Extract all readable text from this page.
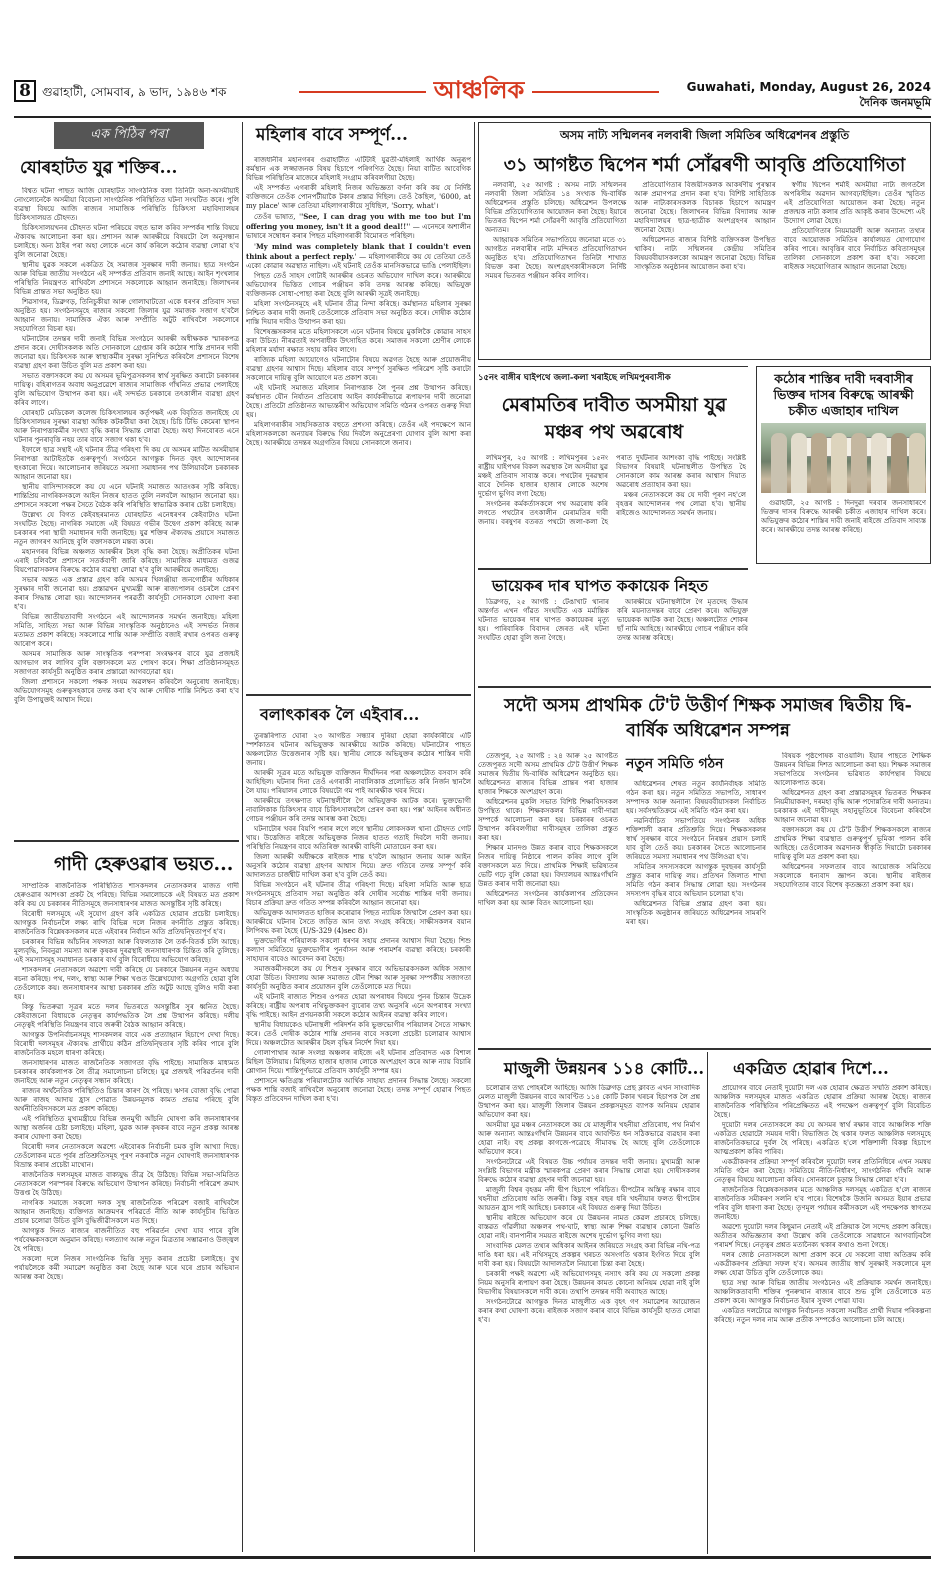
8 গুৱাহাটী, সোমবাৰ, ৯ ভাদ, ১৯৪৬ শক	আঞ্চলিক	Guwahati, Monday, August 26, 2024
দৈনিক জনমভূমি
এক পিঠিৰ পৰা
যোৰহাটত যুৱ শক্তিৰ...

বিশ্বত ঘটনা পাছত আজি যোৰহাটত সাংগঠনিক বলা তিনিটা অনা-অসমীয়াই নোংলোনেকৈ অসমীয়া বিবেচনা সাংগঠনিক পৰিস্থিতিত ঘটনা সংঘটিত কৰে। পুলি ব্যৱস্থা বিষয়ে আজি ৰাজ্যৰ সামাজিক পৰিস্থিতি চিকিৎসা মহাবিদ্যালয়ৰ চিকিৎসালয়ত চৌহদত।

চিকিৎসালয়খনৰ চৌহদত ঘটনা পৰিচয়ে বহুত ভাল কৰিব সম্পৰ্কৰ শান্তি বিষয়ে ঐক্যবদ্ধ আলোচনা কৰা হয়। প্ৰশাসন আৰু আৰক্ষীয়ে বিষয়টো লৈ অনুসন্ধান চলাইছে। অন্য ঠাইৰ পৰা অহা লোকে এনে কাৰ্য কৰিলে কঠোৰ ব্যৱস্থা লোৱা হ'ব বুলি জনোৱা হৈছে।

স্থানীয় যুৱক সকলে একত্ৰিত হৈ সমাজৰ সুৰক্ষাৰ দাবী জনায়। ছাত্ৰ সংগঠন আৰু বিভিন্ন জাতীয় সংগঠনে এই সম্পৰ্কত প্ৰতিবাদ জনাই আছে। আইন শৃংখলাৰ পৰিস্থিতি নিয়ন্ত্ৰণত ৰাখিবলৈ প্ৰশাসনে সকলোকে আহ্বান জনাইছে। জিলাখনৰ বিভিন্ন প্ৰান্তত সভা অনুষ্ঠিত হয়।

শিৱসাগৰ, ডিব্ৰুগড়, তিনিচুকীয়া আৰু গোলাঘাটতো একে ধৰণৰ প্ৰতিবাদ সভা অনুষ্ঠিত হয়। সংগঠনসমূহে ৰাজ্যৰ সকলো জিলাৰ যুৱ সমাজক সজাগ হ'বলৈ আহ্বান জনায়। সামাজিক ঐক্য আৰু সম্প্ৰীতি অটুট ৰাখিবলৈ সকলোৰে সহযোগিতা বিচৰা হয়।

ঘটনাটোৰ তদন্তৰ দাবী জনাই বিভিন্ন সংগঠনে আৰক্ষী অধীক্ষকক স্মাৰকপত্ৰ প্ৰদান কৰে। দোষীসকলক অতি সোনকালে গ্ৰেপ্তাৰ কৰি কঠোৰ শাস্তি প্ৰদানৰ দাবী জনোৱা হয়। চিকিৎসক আৰু স্বাস্থ্যকৰ্মীৰ সুৰক্ষা সুনিশ্চিত কৰিবলৈ প্ৰশাসনে বিশেষ ব্যৱস্থা গ্ৰহণ কৰা উচিত বুলি মত প্ৰকাশ কৰা হয়।

সভাত বক্তাসকলে কয় যে অসমৰ ভূমিপুত্ৰসকলৰ স্বাৰ্থ সুৰক্ষিত কৰাটো চৰকাৰৰ দায়িত্ব। বহিৰাগতৰ অবাধ অনুপ্ৰৱেশে ৰাজ্যৰ সামাজিক গাঁথনিত প্ৰভাৱ পেলাইছে বুলি অভিযোগ উত্থাপন কৰা হয়। এই সন্দৰ্ভত চৰকাৰে তৎকালীন ব্যৱস্থা গ্ৰহণ কৰিব লাগে।

যোৰহাট মেডিকেল কলেজ চিকিৎসালয়ৰ কৰ্তৃপক্ষই এক বিবৃতিত জনাইছে যে চিকিৎসালয়ৰ সুৰক্ষা ব্যৱস্থা অধিক কটকটীয়া কৰা হৈছে। চিচি টিভি কেমেৰা স্থাপন আৰু নিৰাপত্তাকৰ্মীৰ সংখ্যা বৃদ্ধি কৰাৰ সিদ্ধান্ত লোৱা হৈছে। অহা দিনবোৰত এনে ঘটনাৰ পুনৰাবৃত্তি নহয় তাৰ বাবে সজাগ থকা হ'ব।

ইফালে ছাত্ৰ সন্থাই এই ঘটনাৰ তীব্ৰ গৰিহণা দি কয় যে অসমৰ মাটিত অসমীয়াৰ নিৰাপত্তা আটাইতকৈ গুৰুত্বপূৰ্ণ। সংগঠনে আগন্তুক দিনত বৃহৎ আন্দোলনৰ হুংকাৰো দিয়ে। আলোচনাৰ জৰিয়তে সমস্যা সমাধানৰ পথ উলিয়াবলৈ চৰকাৰক আহ্বান জনোৱা হয়।

স্থানীয় বাসিন্দাসকলে কয় যে এনে ঘটনাই সমাজত আতংকৰ সৃষ্টি কৰিছে। শান্তিপ্ৰিয় নাগৰিকসকলে আইন নিজৰ হাতত তুলি নলবলৈ আহ্বান জনোৱা হয়। প্ৰশাসনে সকলো পক্ষৰ সৈতে বৈঠক কৰি পৰিস্থিতি স্বাভাৱিক কৰাৰ চেষ্টা চলাইছে।

উল্লেখ্য যে বিগত কেইবছৰমানত যোৰহাটত এনেধৰণৰ কেইবাটাও ঘটনা সংঘটিত হৈছে। নাগৰিক সমাজে এই বিষয়ত গভীৰ উদ্বেগ প্ৰকাশ কৰিছে আৰু চৰকাৰৰ পৰা স্থায়ী সমাধানৰ দাবী জনাইছে। যুৱ শক্তিৰ ঐক্যবদ্ধ প্ৰয়াসে সমাজত নতুন জাগৰণ আনিছে বুলি বক্তাসকলে মন্তব্য কৰে।

মহানগৰৰ বিভিন্ন অঞ্চলত আৰক্ষীৰ টহল বৃদ্ধি কৰা হৈছে। অপ্ৰীতিকৰ ঘটনা এৰাই চলিবলৈ প্ৰশাসনে সতৰ্কবাণী জাৰি কৰিছে। সামাজিক মাধ্যমত গুজৱ বিয়পোৱাসকলৰ বিৰুদ্ধে কঠোৰ ব্যৱস্থা লোৱা হ'ব বুলি আৰক্ষীয়ে জনাইছে।

সভাৰ অন্তত এক প্ৰস্তাৱ গ্ৰহণ কৰি অসমৰ খিলঞ্জীয়া জনগোষ্ঠীৰ অধিকাৰ সুৰক্ষাৰ দাবী জনোৱা হয়। প্ৰস্তাৱখন মুখ্যমন্ত্ৰী আৰু ৰাজ্যপালৰ ওচৰলৈ প্ৰেৰণ কৰাৰ সিদ্ধান্ত লোৱা হয়। আন্দোলনৰ পৰৱৰ্তী কাৰ্যসূচী সোনকালে ঘোষণা কৰা হ'ব।

বিভিন্ন জাতীয়তাবাদী সংগঠনে এই আন্দোলনক সমৰ্থন জনাইছে। মহিলা সমিতি, সাহিত্য সভা আৰু বিভিন্ন সাংস্কৃতিক অনুষ্ঠানেও এই সন্দৰ্ভত নিজৰ মতামত প্ৰকাশ কৰিছে। সকলোৱে শান্তি আৰু সম্প্ৰীতি বজাই ৰখাৰ ওপৰত গুৰুত্ব আৰোপ কৰে।

অসমৰ সামাজিক আৰু সাংস্কৃতিক পৰম্পৰা সংৰক্ষণৰ বাবে যুৱ প্ৰজন্মই আগভাগ লব লাগিব বুলি বক্তাসকলে মত পোষণ কৰে। শিক্ষা প্ৰতিষ্ঠানসমূহত সজাগতা কাৰ্যসূচী অনুষ্ঠিত কৰাৰ প্ৰস্তাৱো আগবঢ়োৱা হয়।

জিলা প্ৰশাসনে সকলো পক্ষক সংযম অৱলম্বন কৰিবলৈ অনুৰোধ জনাইছে। অভিযোগসমূহ গুৰুত্বসহকাৰে তদন্ত কৰা হ'ব আৰু দোষীক শাস্তি নিশ্চিত কৰা হ'ব বুলি উপায়ুক্তই আশ্বাস দিয়ে।

গাদী হেৰুওৱাৰ ভয়ত...

সাম্প্ৰতিক ৰাজনৈতিক পৰিস্থিতিত শাসকদলৰ নেতাসকলৰ মাজত গাদী হেৰুওৱাৰ আশংকা প্ৰকট হৈ পৰিছে। বিভিন্ন সমালোচকে এই বিষয়ত মত প্ৰকাশ কৰি কয় যে চৰকাৰৰ নীতিসমূহে জনসাধাৰণৰ মাজত অসন্তুষ্টিৰ সৃষ্টি কৰিছে।

বিৰোধী দলসমূহে এই সুযোগ গ্ৰহণ কৰি একত্ৰিত হোৱাৰ প্ৰচেষ্টা চলাইছে। আগন্তুক নিৰ্বাচনলৈ লক্ষ্য ৰাখি বিভিন্ন দলে নিজৰ ৰণনীতি প্ৰস্তুত কৰিছে। ৰাজনৈতিক বিশ্লেষকসকলৰ মতে এইবাৰৰ নিৰ্বাচন অতি প্ৰতিদ্বন্দ্বিতাপূৰ্ণ হ'ব।

চৰকাৰৰ বিভিন্ন আঁচনিৰ সফলতা আৰু বিফলতাক লৈ তৰ্ক-বিতৰ্ক চলি আছে। মূল্যবৃদ্ধি, নিবনুৱা সমস্যা আৰু কৃষকৰ দুৰৱস্থাই জনসাধাৰণক চিন্তিত কৰি তুলিছে। এই সমস্যাসমূহ সমাধানত চৰকাৰ ব্যৰ্থ বুলি বিৰোধীয়ে অভিযোগ কৰিছে।

শাসকদলৰ নেতাসকলে অৱশ্যে দাবী কৰিছে যে চৰকাৰে উন্নয়নৰ নতুন অধ্যায় ৰচনা কৰিছে। পথ, দলং, স্বাস্থ্য আৰু শিক্ষা খণ্ডত উল্লেখযোগ্য অগ্ৰগতি হোৱা বুলি তেওঁলোকে কয়। জনসাধাৰণৰ আস্থা চৰকাৰৰ প্ৰতি অটুট আছে বুলিও দাবী কৰা হয়।

কিন্তু ভিতৰুৱা সূত্ৰৰ মতে দলৰ ভিতৰতে অসন্তুষ্টিৰ সুৰ ধ্বনিত হৈছে। কেইবাজনো বিধায়কে নেতৃত্বৰ কাৰ্যপদ্ধতিক লৈ প্ৰশ্ন উত্থাপন কৰিছে। দলীয় নেতৃত্বই পৰিস্থিতি নিয়ন্ত্ৰণৰ বাবে জৰুৰী বৈঠক আহ্বান কৰিছে।

আগন্তুক উপনিৰ্বাচনসমূহ শাসকদলৰ বাবে এক প্ৰত্যাহ্বান হিচাপে দেখা দিছে। বিৰোধী দলসমূহৰ ঐক্যবদ্ধ প্ৰাৰ্থীয়ে কঠিন প্ৰতিদ্বন্দ্বিতাৰ সৃষ্টি কৰিব পাৰে বুলি ৰাজনৈতিক মহলে ধাৰণা কৰিছে।

জনসাধাৰণৰ মাজত ৰাজনৈতিক সজাগতা বৃদ্ধি পাইছে। সামাজিক মাধ্যমত চৰকাৰৰ কাৰ্যকলাপক লৈ তীব্ৰ সমালোচনা চলিছে। যুৱ প্ৰজন্মই পৰিৱৰ্তনৰ দাবী জনাইছে আৰু নতুন নেতৃত্বৰ সন্ধান কৰিছে।

ৰাজ্যৰ অৰ্থনৈতিক পৰিস্থিতিও চিন্তাৰ কাৰণ হৈ পৰিছে। ঋণৰ বোজা বৃদ্ধি পোৱা আৰু ৰাজহ আদায় হ্ৰাস পোৱাত উন্নয়নমূলক কামত প্ৰভাৱ পৰিছে বুলি অৰ্থনীতিবিদসকলে মত প্ৰকাশ কৰিছে।

এই পৰিস্থিতিত মুখ্যমন্ত্ৰীয়ে বিভিন্ন জনমুখী আঁচনি ঘোষণা কৰি জনসাধাৰণৰ আস্থা অৰ্জনৰ চেষ্টা চলাইছে। মহিলা, যুৱক আৰু কৃষকৰ বাবে নতুন প্ৰকল্প আৰম্ভ কৰাৰ ঘোষণা কৰা হৈছে।

বিৰোধী দলৰ নেতাসকলে অৱশ্যে এইবোৰক নিৰ্বাচনী চমক বুলি আখ্যা দিছে। তেওঁলোকৰ মতে পূৰ্বৰ প্ৰতিশ্ৰুতিসমূহ পূৰণ নকৰাকৈ নতুন ঘোষণাই জনসাধাৰণক বিভ্ৰান্ত কৰাৰ প্ৰচেষ্টা মাথোন।

ৰাজনৈতিক দলসমূহৰ মাজত বাক্যযুদ্ধ তীব্ৰ হৈ উঠিছে। বিভিন্ন সভা-সমিতিত নেতাসকলে পৰস্পৰৰ বিৰুদ্ধে অভিযোগ উত্থাপন কৰিছে। নিৰ্বাচনী পৰিৱেশ ক্ৰমাৎ উত্তপ্ত হৈ উঠিছে।

নাগৰিক সমাজে সকলো দলক সুস্থ ৰাজনৈতিক পৰিৱেশ বজাই ৰাখিবলৈ আহ্বান জনাইছে। ব্যক্তিগত আক্ৰমণৰ পৰিৱৰ্তে নীতি আৰু কাৰ্যসূচীৰ ভিত্তিত প্ৰচাৰ চলোৱা উচিত বুলি বুদ্ধিজীৱীসকলে মত দিছে।

আগন্তুক দিনত ৰাজ্যৰ ৰাজনীতিত বহু পৰিৱৰ্তন দেখা যাব পাৰে বুলি পৰ্যবেক্ষকসকলে অনুমান কৰিছে। দলত্যাগ আৰু নতুন মিত্ৰতাৰ সম্ভাৱনাও উজ্জ্বল হৈ পৰিছে।

সকলো দলে নিজৰ সাংগঠনিক ভিত্তি সুদৃঢ় কৰাৰ প্ৰচেষ্টা চলাইছে। বুথ পৰ্যায়লৈকে কৰ্মী সমাৱেশ অনুষ্ঠিত কৰা হৈছে আৰু ঘৰে ঘৰে প্ৰচাৰ অভিযান আৰম্ভ কৰা হৈছে।

মহিলাৰ বাবে সম্পূৰ্ণ...

ৰাজধানীৰ মহানগৰৰ গুৱাহাটীত এটিটাই যুৱতী-মহিলাই আৰ্থিক অনুৰূপ কৰ্মস্থান এক লজ্জাজনক বিষয় হিচাপে পৰিগণিত হৈছে। নিয়া বাটিত আবেগিক বিভিন্ন পৰিস্থিতিৰ মাজেৰে মহিলাই সংগ্ৰাম কৰিবলগীয়া হৈছে।

এই সম্পৰ্কত এগৰাকী মহিলাই নিজৰ অভিজ্ঞতা বৰ্ণনা কৰি কয় যে নিৰ্দিষ্ট ব্যক্তিজনে তেওঁক পোনপটীয়াকৈ টকাৰ প্ৰস্তাৱ দিছিল। তেওঁ কৈছিল, '6000, at my place' আৰু তেতিয়া মহিলাগৰাকীয়ে সুধিছিল, 'Sorry, what'।

তেওঁৰ ভাষাত, ''See, I can drag you with me too but I'm offering you money, isn't it a good deal!!'' — এনেদৰে অশালীন ভাষাৰে সম্বোধন কৰাৰ পিছত মহিলাগৰাকী বিমোৰত পৰিছিল।

'My mind was completely blank that I couldn't even think about a perfect reply.' — মহিলাগৰাকীয়ে কয় যে তেতিয়া তেওঁ একো কোৱাৰ অৱস্থাত নাছিল। এই ঘটনাই তেওঁক মানসিকভাৱে ভাঙি পেলাইছিল।

পিছত তেওঁ সাহস গোটাই আৰক্ষীৰ ওচৰত অভিযোগ দাখিল কৰে। আৰক্ষীয়ে অভিযোগৰ ভিত্তিত গোচৰ পঞ্জীয়ন কৰি তদন্ত আৰম্ভ কৰিছে। অভিযুক্ত ব্যক্তিজনক সোধা-পোছা কৰা হৈছে বুলি আৰক্ষী সূত্ৰই জনাইছে।

মহিলা সংগঠনসমূহে এই ঘটনাৰ তীব্ৰ নিন্দা কৰিছে। কৰ্মস্থানত মহিলাৰ সুৰক্ষা নিশ্চিত কৰাৰ দাবী জনাই তেওঁলোকে প্ৰতিবাদ সভা অনুষ্ঠিত কৰে। দোষীক কঠোৰ শাস্তি দিয়াৰ দাবীও উত্থাপন কৰা হয়।

বিশেষজ্ঞসকলৰ মতে মহিলাসকলে এনে ঘটনাৰ বিষয়ে মুকলিকৈ কোৱাৰ সাহস কৰা উচিত। নীৰৱতাই অপৰাধীক উৎসাহিত কৰে। সমাজৰ সকলো শ্ৰেণীৰ লোকে মহিলাৰ মৰ্যাদা ৰক্ষাত সহায় কৰিব লাগে।

ৰাজ্যিক মহিলা আয়োগেও ঘটনাটোৰ বিষয়ে অৱগত হৈছে আৰু প্ৰয়োজনীয় ব্যৱস্থা গ্ৰহণৰ আশ্বাস দিছে। মহিলাৰ বাবে সম্পূৰ্ণ সুৰক্ষিত পৰিৱেশ সৃষ্টি কৰাটো সকলোৰে দায়িত্ব বুলি আয়োগে মত প্ৰকাশ কৰে।

এই ঘটনাই সমাজত মহিলাৰ নিৰাপত্তাক লৈ পুনৰ প্ৰশ্ন উত্থাপন কৰিছে। কৰ্মস্থানত যৌন নিৰ্যাতন প্ৰতিৰোধ আইন কাৰ্যকৰীভাৱে ৰূপায়ণৰ দাবী জনোৱা হৈছে। প্ৰতিটো প্ৰতিষ্ঠানত আভ্যন্তৰীণ অভিযোগ সমিতি গঠনৰ ওপৰত গুৰুত্ব দিয়া হয়।

মহিলাগৰাকীৰ সাহসিকতাক বহুতে প্ৰশংসা কৰিছে। তেওঁৰ এই পদক্ষেপে আন মহিলাসকলকো অন্যায়ৰ বিৰুদ্ধে থিয় দিবলৈ অনুপ্ৰেৰণা যোগাব বুলি আশা কৰা হৈছে। আৰক্ষীয়ে তদন্তৰ অগ্ৰগতিৰ বিষয়ে সোনকালে জনাব।

বলাৎকাৰক লৈ এইবাৰ...

তুৰস্তৰিপাত ঘোৰা ২৩ আগষ্টত সন্ধ্যাৰ দুৰিয়া হোৱা কাৰ্যকাৰীয়ে এটি স্পৰ্শকাতৰ ঘটনাৰ অভিযুক্তক আৰক্ষীয়ে আটক কৰিছে। ঘটনাটোৰ পাছত অঞ্চলটোত উত্তেজনাৰ সৃষ্টি হয়। স্থানীয় লোকে অভিযুক্তৰ কঠোৰ শাস্তিৰ দাবী জনায়।

আৰক্ষী সূত্ৰৰ মতে অভিযুক্ত ব্যক্তিজন দীৰ্ঘদিনৰ পৰা অঞ্চলটোত বসবাস কৰি আহিছিল। ঘটনাৰ দিনা তেওঁ এগৰাকী নাবালিকাক প্ৰলোভিত কৰি নিৰ্জন স্থানলৈ লৈ যায়। পৰিয়ালৰ লোকে বিষয়টো গম পাই আৰক্ষীক খবৰ দিয়ে।

আৰক্ষীয়ে তৎক্ষণাত ঘটনাস্থলীলৈ গৈ অভিযুক্তক আটক কৰে। ভুক্তভোগী নাবালিকাক চিকিৎসাৰ বাবে চিকিৎসালয়লৈ প্ৰেৰণ কৰা হয়। পক্স' আইনৰ অধীনত গোচৰ পঞ্জীয়ন কৰি তদন্ত আৰম্ভ কৰা হৈছে।

ঘটনাটোৰ খবৰ বিয়পি পৰাৰ লগে লগে স্থানীয় লোকসকল থানা চৌহদত গোট খায়। উত্তেজিত ৰাইজে অভিযুক্তক নিজৰ হাতত গতাই দিবলৈ দাবী জনায়। পৰিস্থিতি নিয়ন্ত্ৰণৰ বাবে অতিৰিক্ত আৰক্ষী বাহিনী মোতায়েন কৰা হয়।

জিলা আৰক্ষী অধীক্ষকে ৰাইজক শান্ত হ'বলৈ আহ্বান জনায় আৰু আইন অনুসৰি কঠোৰ ব্যৱস্থা গ্ৰহণৰ আশ্বাস দিয়ে। দ্ৰুত গতিৰে তদন্ত সম্পূৰ্ণ কৰি আদালতত চাৰ্জশ্বীট দাখিল কৰা হ'ব বুলি তেওঁ কয়।

বিভিন্ন সংগঠনে এই ঘটনাৰ তীব্ৰ গৰিহণা দিছে। মহিলা সমিতি আৰু ছাত্ৰ সংগঠনসমূহে প্ৰতিবাদ সভা অনুষ্ঠিত কৰি দোষীৰ সৰ্বোচ্চ শাস্তিৰ দাবী জনায়। বিচাৰ প্ৰক্ৰিয়া দ্ৰুত গতিত সম্পন্ন কৰিবলৈ আহ্বান জনোৱা হয়।

অভিযুক্তক আদালতত হাজিৰ কৰোৱাৰ পিছত ন্যায়িক জিম্মালৈ প্ৰেৰণ কৰা হয়। আৰক্ষীয়ে ঘটনাৰ সৈতে জড়িত আন তথ্য সংগ্ৰহ কৰিছে। সাক্ষীসকলৰ বয়ান লিপিবদ্ধ কৰা হৈছে (U/S-329 (4)sec 8)।

ভুক্তভোগীৰ পৰিয়ালক সকলো ধৰণৰ সহায় প্ৰদানৰ আশ্বাস দিয়া হৈছে। শিশু কল্যাণ সমিতিয়ে ভুক্তভোগীৰ পুনৰ্বাসন আৰু পৰামৰ্শৰ ব্যৱস্থা কৰিছে। চৰকাৰী সাহায্যৰ বাবেও আবেদন কৰা হৈছে।

সমাজকৰ্মীসকলে কয় যে শিশুৰ সুৰক্ষাৰ বাবে অভিভাৱকসকল অধিক সজাগ হোৱা উচিত। বিদ্যালয় আৰু সমাজত যৌন শিক্ষা আৰু সুৰক্ষা সম্পৰ্কীয় সজাগতা কাৰ্যসূচী অনুষ্ঠিত কৰাৰ প্ৰয়োজন বুলি তেওঁলোকে মত দিয়ে।

এই ঘটনাই ৰাজ্যত শিশুৰ ওপৰত হোৱা অপৰাধৰ বিষয়ে পুনৰ চিন্তাৰ উদ্ৰেক কৰিছে। ৰাষ্ট্ৰীয় অপৰাধ নথিভুক্তকৰণ ব্যুৰোৰ তথ্য অনুসৰি এনে অপৰাধৰ সংখ্যা বৃদ্ধি পাইছে। আইন প্ৰণয়নকাৰী সকলে কঠোৰ আইনৰ ব্যৱস্থা কৰিব লাগে।

স্থানীয় বিধায়কেও ঘটনাস্থলী পৰিদৰ্শন কৰি ভুক্তভোগীৰ পৰিয়ালৰ সৈতে সাক্ষাৎ কৰে। তেওঁ দোষীক কঠোৰ শাস্তি প্ৰদানৰ বাবে সকলো প্ৰচেষ্টা চলোৱাৰ আশ্বাস দিয়ে। অঞ্চলটোত আৰক্ষীৰ টহল বৃদ্ধিৰ নিৰ্দেশ দিয়া হয়।

গোলাপাথাৰ আৰু সংলগ্ন অঞ্চলৰ ৰাইজে এই ঘটনাৰ প্ৰতিবাদত এক বিশাল মিছিল উলিয়ায়। মিছিলত হাজাৰ হাজাৰ লোকে অংশগ্ৰহণ কৰে আৰু ন্যায় বিচাৰি শ্লোগান দিয়ে। শান্তিপূৰ্ণভাৱে প্ৰতিবাদ কাৰ্যসূচী সম্পন্ন হয়।

প্ৰশাসনে ক্ষতিগ্ৰস্ত পৰিয়ালটোক আৰ্থিক সাহায্য প্ৰদানৰ সিদ্ধান্ত লৈছে। সকলো পক্ষক শান্তি বজাই ৰাখিবলৈ অনুৰোধ জনোৱা হৈছে। তদন্ত সম্পূৰ্ণ হোৱাৰ পিছত বিস্তৃত প্ৰতিবেদন দাখিল কৰা হ'ব।

অসম নাট্য সন্মিলনৰ নলবাৰী জিলা সমিতিৰ অধিৱেশনৰ প্ৰস্তুতি
৩১ আগষ্টত দ্বিপেন শৰ্মা সোঁৱৰণী আবৃত্তি প্ৰতিযোগিতা

নলবাৰী, ২৫ আগষ্ট : অসম নাট্য সন্মিলনৰ নলবাৰী জিলা সমিতিৰ ১৪ সংখ্যক দ্বি-বাৰ্ষিক অধিৱেশনৰ প্ৰস্তুতি চলিছে। অধিৱেশন উপলক্ষে বিভিন্ন প্ৰতিযোগিতাৰ আয়োজন কৰা হৈছে। ইয়াৰে ভিতৰত দ্বিপেন শৰ্মা সোঁৱৰণী আবৃত্তি প্ৰতিযোগিতা অন্যতম।

আহ্বায়ক সমিতিৰ সভাপতিয়ে জনোৱা মতে ৩১ আগষ্টত নলবাৰীৰ নাট্য মন্দিৰত প্ৰতিযোগিতাখন অনুষ্ঠিত হ'ব। প্ৰতিযোগিতাখন তিনিটা শাখাত বিভক্ত কৰা হৈছে। অংশগ্ৰহণকাৰীসকলে নিৰ্দিষ্ট সময়ৰ ভিতৰত পঞ্জীয়ন কৰিব লাগিব।

প্ৰতিযোগিতাৰ বিজয়ীসকলক আকৰ্ষণীয় পুৰস্কাৰ আৰু প্ৰমাণপত্ৰ প্ৰদান কৰা হ'ব। বিশিষ্ট সাহিত্যিক আৰু নাট্যকাৰসকলক বিচাৰক হিচাপে আমন্ত্ৰণ জনোৱা হৈছে। জিলাখনৰ বিভিন্ন বিদ্যালয় আৰু মহাবিদ্যালয়ৰ ছাত্ৰ-ছাত্ৰীক অংশগ্ৰহণৰ আহ্বান জনোৱা হৈছে।

অধিৱেশনত ৰাজ্যৰ বিশিষ্ট ব্যক্তিসকল উপস্থিত থাকিব। নাট্য সন্মিলনৰ কেন্দ্ৰীয় সমিতিৰ বিষয়ববীয়াসকলকো আমন্ত্ৰণ জনোৱা হৈছে। বিভিন্ন সাংস্কৃতিক অনুষ্ঠানৰ আয়োজন কৰা হ'ব।

স্বৰ্গীয় দ্বিপেন শৰ্মাই অসমীয়া নাট্য জগতলৈ অপৰিসীম অৱদান আগবঢ়াইছিল। তেওঁৰ স্মৃতিত এই প্ৰতিযোগিতা আয়োজন কৰা হৈছে। নতুন প্ৰজন্মক নাট্য কলাৰ প্ৰতি আকৃষ্ট কৰাৰ উদ্দেশ্যে এই উদ্যোগ লোৱা হৈছে।

প্ৰতিযোগিতাৰ নিয়মাৱলী আৰু অন্যান্য তথ্যৰ বাবে আয়োজক সমিতিৰ কাৰ্যালয়ত যোগাযোগ কৰিব পাৰে। আবৃত্তিৰ বাবে নিৰ্বাচিত কবিতাসমূহৰ তালিকা সোনকালে প্ৰকাশ কৰা হ'ব। সকলো ৰাইজক সহযোগিতাৰ আহ্বান জনোৱা হৈছে।

১৫নং বাঙ্গীৰ ঘাইপথে জলা-কলা খৰাইছে লখিমপুৰবাসীক
মেৰামতিৰ দাবীত অসমীয়া যুৱ মঞ্চৰ পথ অৱৰোধ

লখিমপুৰ, ২৫ আগষ্ট : লখিমপুৰৰ ১৫নং ৰাষ্ট্ৰীয় ঘাইপথৰ বিকল অৱস্থাক লৈ অসমীয়া যুৱ মঞ্চই প্ৰতিবাদ সাব্যস্ত কৰে। পথটোৰ দুৰৱস্থাৰ বাবে দৈনিক হাজাৰ হাজাৰ লোকে অশেষ দুৰ্ভোগ ভুগিব লগা হৈছে।

সংগঠনৰ কৰ্মকৰ্তাসকলে পথ অৱৰোধ কৰি লগতে পথটোৰ তৎকালীন মেৰামতিৰ দাবী জনায়। বৰষুণৰ বতৰত পথটো জলা-কলা হৈ পৰাত দুৰ্ঘটনাৰ আশংকা বৃদ্ধি পাইছে। সংশ্লিষ্ট বিভাগৰ বিষয়াই ঘটনাস্থলীত উপস্থিত হৈ সোনকালে কাম আৰম্ভ কৰাৰ আশ্বাস দিয়াত অৱৰোধ প্ৰত্যাহাৰ কৰা হয়।

মঞ্চৰ নেতাসকলে কয় যে দাবী পূৰণ নহ'লে বৃহত্তৰ আন্দোলনৰ পথ লোৱা হ'ব। স্থানীয় ৰাইজেও আন্দোলনত সমৰ্থন জনায়।

কঠোৰ শাস্তিৰ দাবী দৰবাসীৰ ভিক্তৰ দাসৰ বিৰুদ্ধে আৰক্ষী চকীত এজাহাৰ দাখিল

গুৱাহাটী, ২৫ আগষ্ট : দিনদুৱা দৰবাৰ জনসাধাৰণে ভিক্তৰ দাসৰ বিৰুদ্ধে আৰক্ষী চকীত এজাহাৰ দাখিল কৰে। অভিযুক্তৰ কঠোৰ শাস্তিৰ দাবী জনাই ৰাইজে প্ৰতিবাদ সাব্যস্ত কৰে। আৰক্ষীয়ে তদন্ত আৰম্ভ কৰিছে।

ভায়েকৰ দাৰ ঘাপত ককায়েক নিহত

ডিব্ৰুগড়, ২৫ আগষ্ট : টেঙাখাট থানাৰ অন্তৰ্গত এখন গাঁৱত সংঘটিত এক মৰ্মান্তিক ঘটনাত ভায়েকৰ দাৰ ঘাপত ককায়েকৰ মৃত্যু হয়। পাৰিবাৰিক বিবাদৰ জেৰত এই ঘটনা সংঘটিত হোৱা বুলি জনা গৈছে।

আৰক্ষীয়ে ঘটনাস্থলীলৈ গৈ মৃতদেহ উদ্ধাৰ কৰি ময়নাতদন্তৰ বাবে প্ৰেৰণ কৰে। অভিযুক্ত ভায়েকক আটক কৰা হৈছে। অঞ্চলটোত শোকৰ ছাঁ নামি আহিছে। আৰক্ষীয়ে গোচৰ পঞ্জীয়ন কৰি তদন্ত আৰম্ভ কৰিছে।

সদৌ অসম প্ৰাথমিক টে'ট উত্তীৰ্ণ শিক্ষক সমাজৰ দ্বিতীয় দ্বি-বাৰ্ষিক অধিৱেশন সম্পন্ন

তেজপুৰ, ২৫ আগষ্ট : ২৪ আৰু ২৫ আগষ্টত তেজপুৰত সদৌ অসম প্ৰাথমিক টে'ট উত্তীৰ্ণ শিক্ষক সমাজৰ দ্বিতীয় দ্বি-বাৰ্ষিক অধিৱেশন অনুষ্ঠিত হয়। অধিৱেশনত ৰাজ্যৰ বিভিন্ন প্ৰান্তৰ পৰা হাজাৰ হাজাৰ শিক্ষকে অংশগ্ৰহণ কৰে।

অধিৱেশনৰ মুকলি সভাত বিশিষ্ট শিক্ষাবিদসকল উপস্থিত থাকে। শিক্ষকসকলৰ বিভিন্ন দাবী-দাৱা সম্পৰ্কে আলোচনা কৰা হয়। চৰকাৰৰ ওচৰত উত্থাপন কৰিবলগীয়া দাবীসমূহৰ তালিকা প্ৰস্তুত কৰা হয়।

শিক্ষাৰ মানদণ্ড উন্নত কৰাৰ বাবে শিক্ষকসকলে নিজৰ দায়িত্ব নিষ্ঠাৰে পালন কৰিব লাগে বুলি বক্তাসকলে মত দিয়ে। প্ৰাথমিক শিক্ষাই ভৱিষ্যতৰ ভেটি গঢ়ে বুলি কোৱা হয়। বিদ্যালয়ৰ আন্তঃগাঁথনি উন্নত কৰাৰ দাবী জনোৱা হয়।

অধিৱেশনত সংগঠনৰ কাৰ্যকলাপৰ প্ৰতিবেদন দাখিল কৰা হয় আৰু বিতং আলোচনা হয়।

নতুন সমিতি গঠন

অধিৱেশনৰ শেষত নতুন কাৰ্যনিৰ্বাহক সমিতি গঠন কৰা হয়। নতুন সমিতিত সভাপতি, সাধাৰণ সম্পাদক আৰু অন্যান্য বিষয়ববীয়াসকল নিৰ্বাচিত হয়। সৰ্বসন্মতিক্ৰমে এই সমিতি গঠন কৰা হয়।

নৱনিৰ্বাচিত সভাপতিয়ে সংগঠনক অধিক শক্তিশালী কৰাৰ প্ৰতিশ্ৰুতি দিয়ে। শিক্ষকসকলৰ স্বাৰ্থ সুৰক্ষাৰ বাবে সংগঠনে নিৰন্তৰ প্ৰয়াস চলাই যাব বুলি তেওঁ কয়। চৰকাৰৰ সৈতে আলোচনাৰ জৰিয়তে সমস্যা সমাধানৰ পথ উলিওৱা হ'ব।

সমিতিৰ সদস্যসকলে আগন্তুক দুবছৰৰ কাৰ্যসূচী প্ৰস্তুত কৰাৰ দায়িত্ব লয়। প্ৰতিখন জিলাত শাখা সমিতি গঠন কৰাৰ সিদ্ধান্ত লোৱা হয়। সংগঠনৰ সদস্যপদ বৃদ্ধিৰ বাবে অভিযান চলোৱা হ'ব।

অধিৱেশনত বিভিন্ন প্ৰস্তাৱ গ্ৰহণ কৰা হয়। সাংস্কৃতিক অনুষ্ঠানৰ জৰিয়তে অধিৱেশনৰ সামৰণি মৰা হয়।

বিষয়ক পৃষ্ঠপোষক বাওয়ালি। ইয়াৰ পাছতে শৈক্ষিক উন্নয়নৰ বিভিন্ন দিশত আলোচনা কৰা হয়। শিক্ষক সমাজৰ সভাপতিয়ে সংগঠনৰ ভৱিষ্যত কাৰ্যপন্থাৰ বিষয়ে আলোকপাত কৰে।

অধিৱেশনত গ্ৰহণ কৰা প্ৰস্তাৱসমূহৰ ভিতৰত শিক্ষকৰ নিয়মীয়াকৰণ, দৰমহা বৃদ্ধি আৰু পদোন্নতিৰ দাবী অন্যতম। চৰকাৰক এই দাবীসমূহ সহানুভূতিৰে বিবেচনা কৰিবলৈ আহ্বান জনোৱা হয়।

বক্তাসকলে কয় যে টে'ট উত্তীৰ্ণ শিক্ষকসকলে ৰাজ্যৰ প্ৰাথমিক শিক্ষা ব্যৱস্থাত গুৰুত্বপূৰ্ণ ভূমিকা পালন কৰি আহিছে। তেওঁলোকৰ অৱদানক স্বীকৃতি দিয়াটো চৰকাৰৰ দায়িত্ব বুলি মত প্ৰকাশ কৰা হয়।

অধিৱেশনৰ সফলতাৰ বাবে আয়োজক সমিতিয়ে সকলোকে ধন্যবাদ জ্ঞাপন কৰে। স্থানীয় ৰাইজৰ সহযোগিতাৰ বাবে বিশেষ কৃতজ্ঞতা প্ৰকাশ কৰা হয়।

মাজুলী উন্নয়নৰ ১১৪ কোটি...

চলোৱাৰ তথ্য পোহৰলৈ আহিছে। আজি ডিব্ৰুগড় প্ৰেছ ক্লাবত এখন সাংবাদিক মেলত মাজুলী উন্নয়নৰ বাবে আবণ্টিত ১১৪ কোটি টকাৰ খৰচৰ হিচাপক লৈ প্ৰশ্ন উত্থাপন কৰা হয়। মাজুলী জিলাৰ উন্নয়ন প্ৰকল্পসমূহত ব্যাপক অনিয়ম হোৱাৰ অভিযোগ কৰা হয়।

অসমীয়া যুৱ মঞ্চৰ নেতাসকলে কয় যে মাজুলীৰ খহনীয়া প্ৰতিৰোধ, পথ নিৰ্মাণ আৰু অন্যান্য আন্তঃগাঁথনি উন্নয়নৰ বাবে আবণ্টিত ধন সঠিকভাৱে ব্যৱহাৰ কৰা হোৱা নাই। বহু প্ৰকল্প কাগজে-পত্ৰেহে সীমাবদ্ধ হৈ আছে বুলি তেওঁলোকে অভিযোগ কৰে।

সংগঠনটোৱে এই বিষয়ত উচ্চ পৰ্যায়ৰ তদন্তৰ দাবী জনায়। মুখ্যমন্ত্ৰী আৰু সংশ্লিষ্ট বিভাগৰ মন্ত্ৰীক স্মাৰকপত্ৰ প্ৰেৰণ কৰাৰ সিদ্ধান্ত লোৱা হয়। দোষীসকলৰ বিৰুদ্ধে কঠোৰ ব্যৱস্থা গ্ৰহণৰ দাবী জনোৱা হয়।

মাজুলী বিশ্বৰ বৃহত্তম নদী দ্বীপ হিচাপে পৰিচিত। দ্বীপটোৰ অস্তিত্ব ৰক্ষাৰ বাবে খহনীয়া প্ৰতিৰোধ অতি জৰুৰী। কিন্তু বছৰ বছৰ ধৰি খহনীয়াৰ ফলত দ্বীপটোৰ আয়তন হ্ৰাস পাই আহিছে। চৰকাৰে এই বিষয়ত গুৰুত্ব দিয়া উচিত।

স্থানীয় ৰাইজে অভিযোগ কৰে যে উন্নয়নৰ নামত কেৱল প্ৰচাৰহে চলিছে। বাস্তৱত গাঁৱলীয়া অঞ্চলৰ পথ-ঘাট, স্বাস্থ্য আৰু শিক্ষা ব্যৱস্থাৰ কোনো উন্নতি হোৱা নাই। বানপানীৰ সময়ত ৰাইজে অশেষ দুৰ্ভোগ ভুগিব লগা হয়।

সাংবাদিক মেলত তথ্যৰ অধিকাৰ আইনৰ জৰিয়তে সংগ্ৰহ কৰা বিভিন্ন নথি-পত্ৰ দাঙি ধৰা হয়। এই নথিসমূহে প্ৰকল্পৰ খৰচত অসংগতি থকাৰ ইংগিত দিয়ে বুলি দাবী কৰা হয়। বিষয়টো আদালতলৈ নিয়াৰো চিন্তা কৰা হৈছে।

চৰকাৰী পক্ষই অৱশ্যে এই অভিযোগসমূহ নস্যাৎ কৰি কয় যে সকলো প্ৰকল্প নিয়ম অনুসৰি ৰূপায়ণ কৰা হৈছে। উন্নয়নৰ কামত কোনো অনিয়ম হোৱা নাই বুলি বিভাগীয় বিষয়াসকলে দাবী কৰে। তথাপি তদন্তৰ দাবী অব্যাহত আছে।

সংগঠনটোৱে আগন্তুক দিনত মাজুলীত এক বৃহৎ গণ সমাৱেশৰ আয়োজন কৰাৰ কথা ঘোষণা কৰে। ৰাইজক সজাগ কৰাৰ বাবে বিভিন্ন কাৰ্যসূচী হাতত লোৱা হ'ব।

একত্ৰিত হোৱাৰ দিশে...

প্ৰায়োগৰ বাবে নেতাই দুয়োটা দল এক হোৱাৰ ক্ষেত্ৰত সম্মতি প্ৰকাশ কৰিছে। আঞ্চলিক দলসমূহৰ মাজত একত্ৰিত হোৱাৰ প্ৰক্ৰিয়া আৰম্ভ হৈছে। ৰাজ্যৰ ৰাজনৈতিক পৰিস্থিতিৰ পৰিপ্ৰেক্ষিতত এই পদক্ষেপ গুৰুত্বপূৰ্ণ বুলি বিবেচিত হৈছে।

দুয়োটা দলৰ নেতাসকলে কয় যে অসমৰ স্বাৰ্থ ৰক্ষাৰ বাবে আঞ্চলিক শক্তি একত্ৰিত হোৱাটো সময়ৰ দাবী। বিভাজিত হৈ থকাৰ ফলত আঞ্চলিক দলসমূহে ৰাজনৈতিকভাৱে দুৰ্বল হৈ পৰিছে। একত্ৰিত হ'লে শক্তিশালী বিকল্প হিচাপে আত্মপ্ৰকাশ কৰিব পাৰিব।

একত্ৰীকৰণৰ প্ৰক্ৰিয়া সম্পূৰ্ণ কৰিবলৈ দুয়োটা দলৰ প্ৰতিনিধিৰে এখন সমন্বয় সমিতি গঠন কৰা হৈছে। সমিতিয়ে নীতি-নিৰ্ধাৰণ, সাংগঠনিক গাঁথনি আৰু নেতৃত্বৰ বিষয়ে আলোচনা কৰিব। সোনকালে চূড়ান্ত সিদ্ধান্ত লোৱা হ'ব।

ৰাজনৈতিক বিশ্লেষকসকলৰ মতে আঞ্চলিক দলসমূহ একত্ৰিত হ'লে ৰাজ্যৰ ৰাজনৈতিক সমীকৰণ সলনি হ'ব পাৰে। বিশেষকৈ উজনি অসমত ইয়াৰ প্ৰভাৱ পৰিব বুলি ধাৰণা কৰা হৈছে। তৃণমূল পৰ্যায়ৰ কৰ্মীসকলে এই পদক্ষেপক স্বাগতম জনাইছে।

অৱশ্যে দুয়োটা দলৰ কিছুমান নেতাই এই প্ৰক্ৰিয়াক লৈ সন্দেহ প্ৰকাশ কৰিছে। অতীতৰ অভিজ্ঞতাৰ কথা উল্লেখ কৰি তেওঁলোকে সাৱধানে আগবাঢ়িবলৈ পৰামৰ্শ দিছে। নেতৃত্বৰ প্ৰশ্নত মতানৈক্য থকাৰ কথাও শুনা গৈছে।

দলৰ জ্যেষ্ঠ নেতাসকলে আশা প্ৰকাশ কৰে যে সকলো বাধা অতিক্ৰম কৰি একত্ৰীকৰণৰ প্ৰক্ৰিয়া সফল হ'ব। অসমৰ জাতীয় স্বাৰ্থ সুৰক্ষাই সকলোৰে মূল লক্ষ্য হোৱা উচিত বুলি তেওঁলোকে কয়।

ছাত্ৰ সন্থা আৰু বিভিন্ন জাতীয় সংগঠনেও এই প্ৰক্ৰিয়াক সমৰ্থন জনাইছে। আঞ্চলিকতাবাদী শক্তিৰ পুনৰুত্থান ৰাজ্যৰ বাবে শুভ বুলি তেওঁলোকে মত প্ৰকাশ কৰে। আগন্তুক নিৰ্বাচনত ইয়াৰ সুফল পোৱা যাব।

একত্ৰিত দলটোৱে আগন্তুক নিৰ্বাচনত সকলো সমষ্টিত প্ৰাৰ্থী দিয়াৰ পৰিকল্পনা কৰিছে। নতুন দলৰ নাম আৰু প্ৰতীক সম্পৰ্কেও আলোচনা চলি আছে।
